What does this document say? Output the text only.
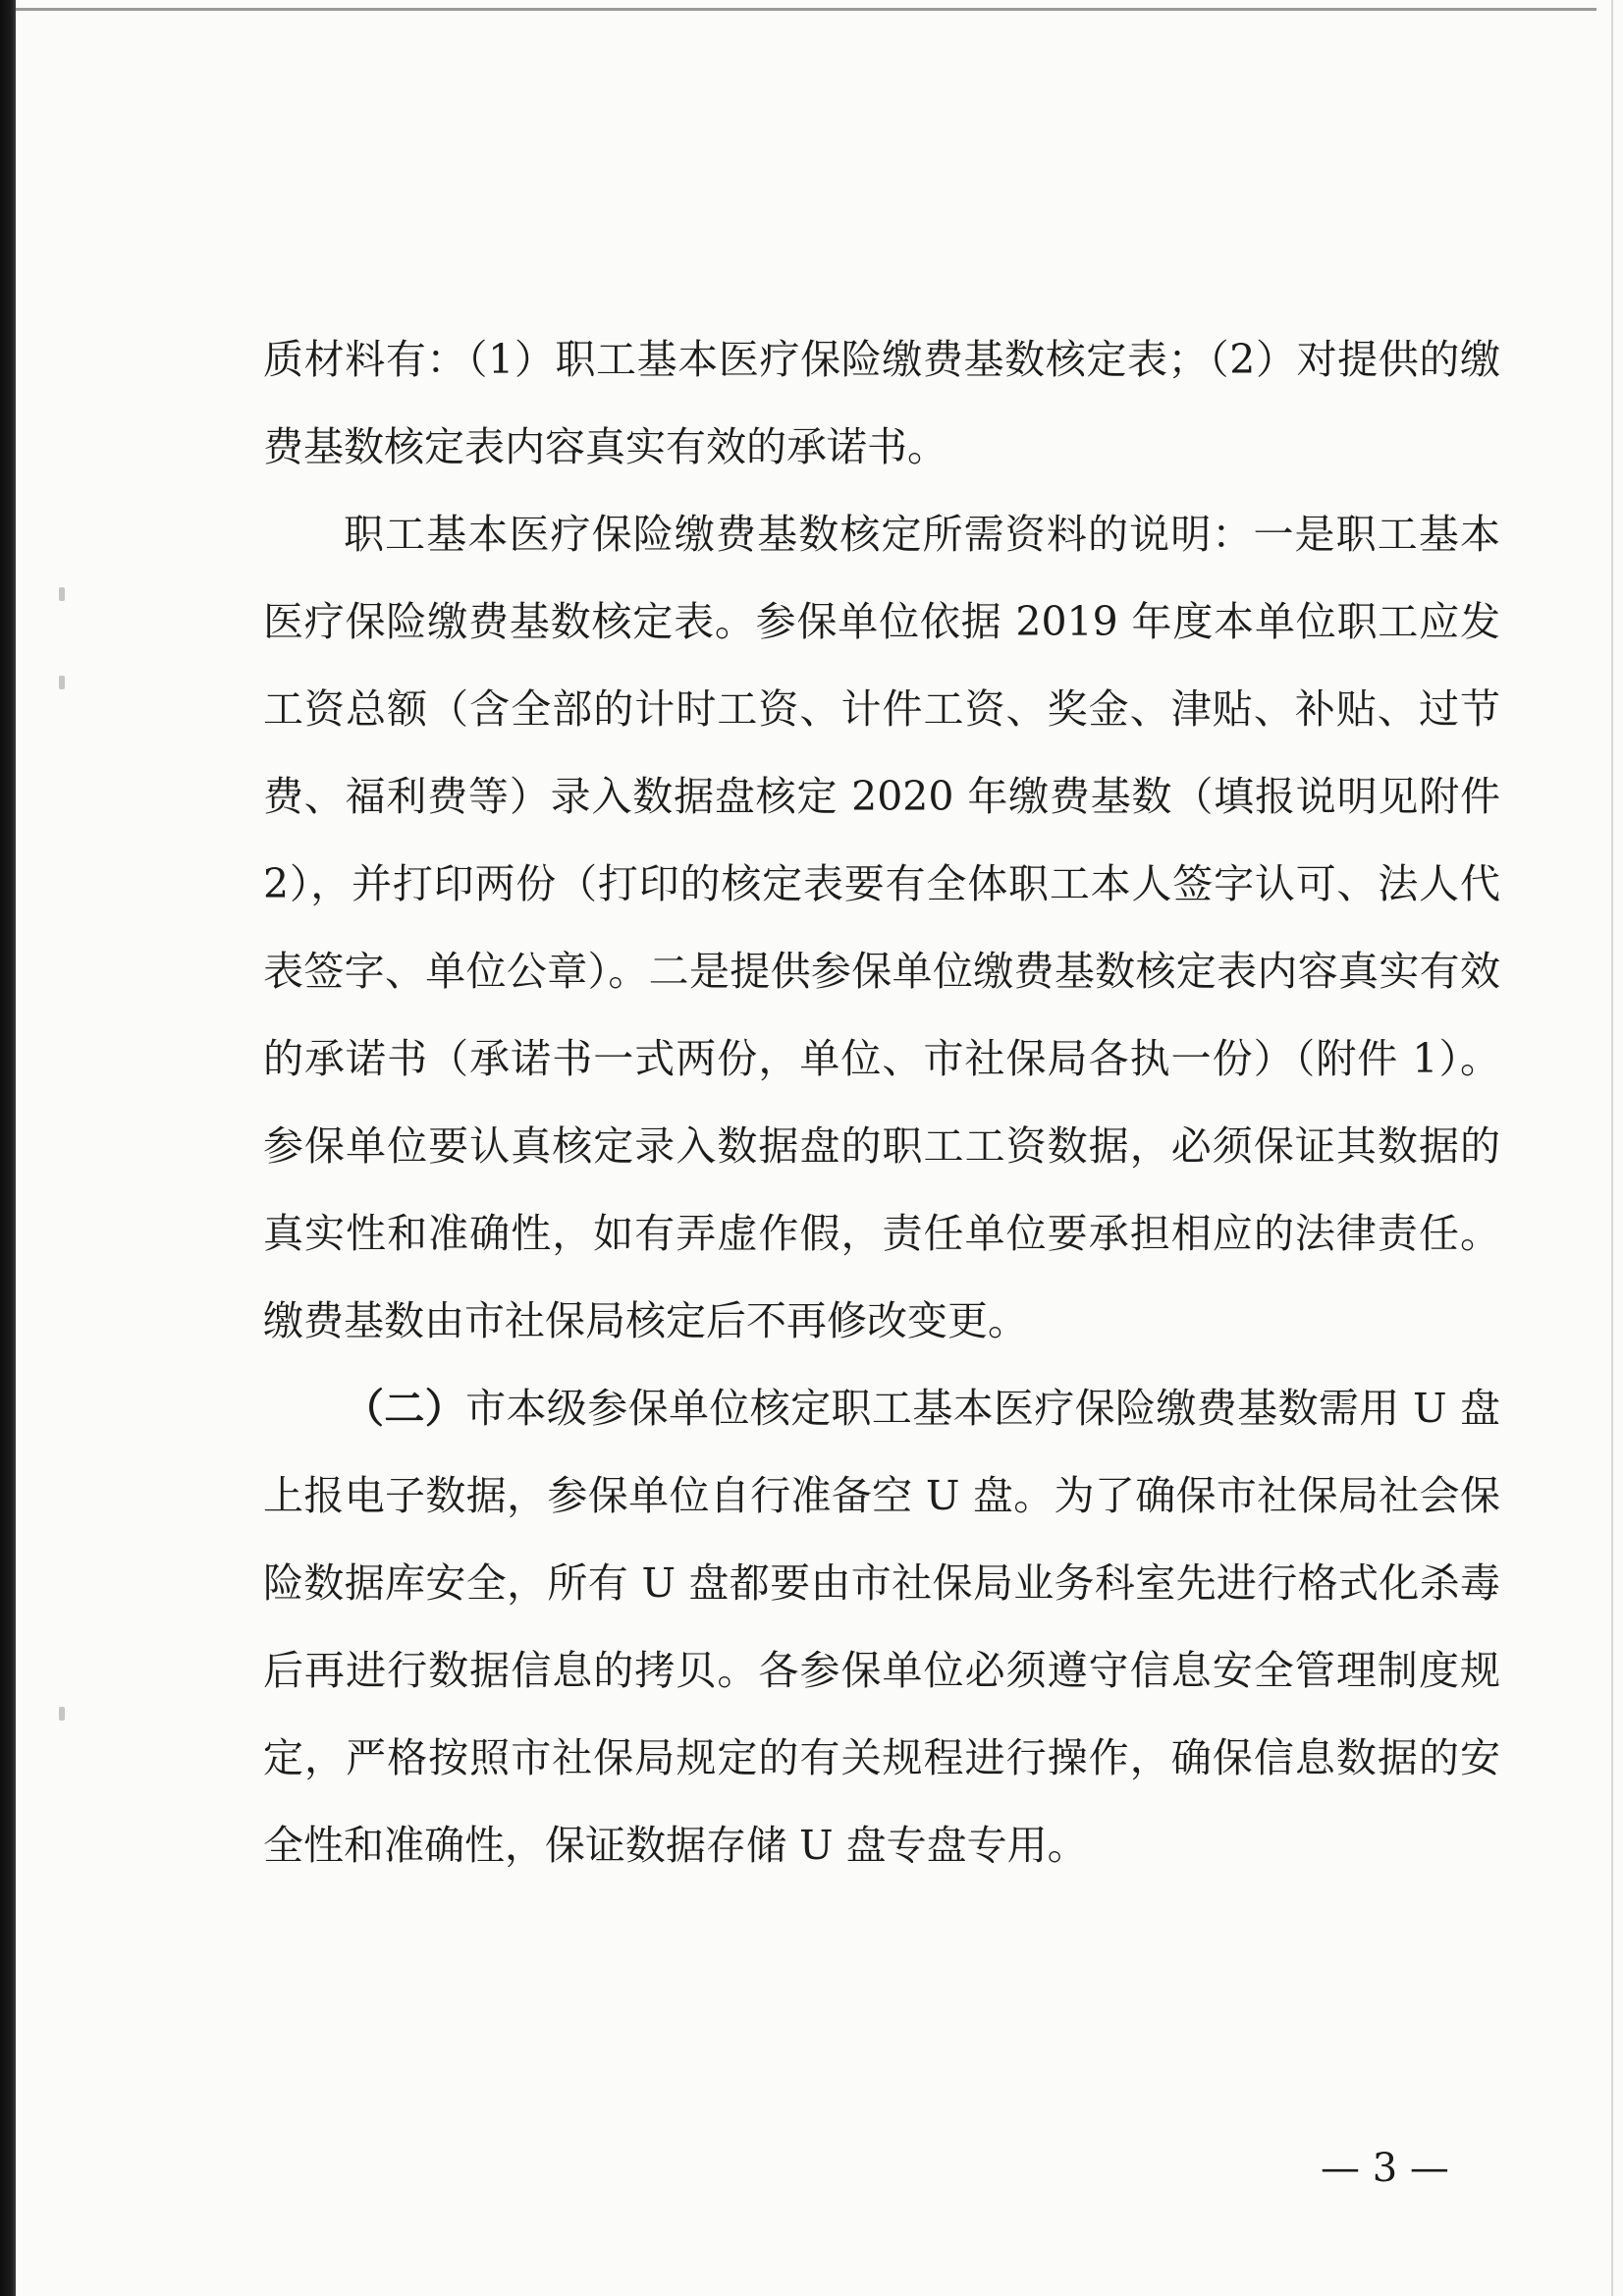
质材料有：（1）职工基本医疗保险缴费基数核定表；（2）对提供的缴费基数核定表内容真实有效的承诺书。

职工基本医疗保险缴费基数核定所需资料的说明：一是职工基本医疗保险缴费基数核定表。参保单位依据 2019 年度本单位职工应发工资总额（含全部的计时工资、计件工资、奖金、津贴、补贴、过节费、福利费等）录入数据盘核定 2020 年缴费基数（填报说明见附件 2），并打印两份（打印的核定表要有全体职工本人签字认可、法人代表签字、单位公章）。二是提供参保单位缴费基数核定表内容真实有效的承诺书（承诺书一式两份，单位、市社保局各执一份）（附件 1）。参保单位要认真核定录入数据盘的职工工资数据，必须保证其数据的真实性和准确性，如有弄虚作假，责任单位要承担相应的法律责任。缴费基数由市社保局核定后不再修改变更。

（二）市本级参保单位核定职工基本医疗保险缴费基数需用 U 盘上报电子数据，参保单位自行准备空 U 盘。为了确保市社保局社会保险数据库安全，所有 U 盘都要由市社保局业务科室先进行格式化杀毒后再进行数据信息的拷贝。各参保单位必须遵守信息安全管理制度规定，严格按照市社保局规定的有关规程进行操作，确保信息数据的安全性和准确性，保证数据存储 U 盘专盘专用。

— 3 —
